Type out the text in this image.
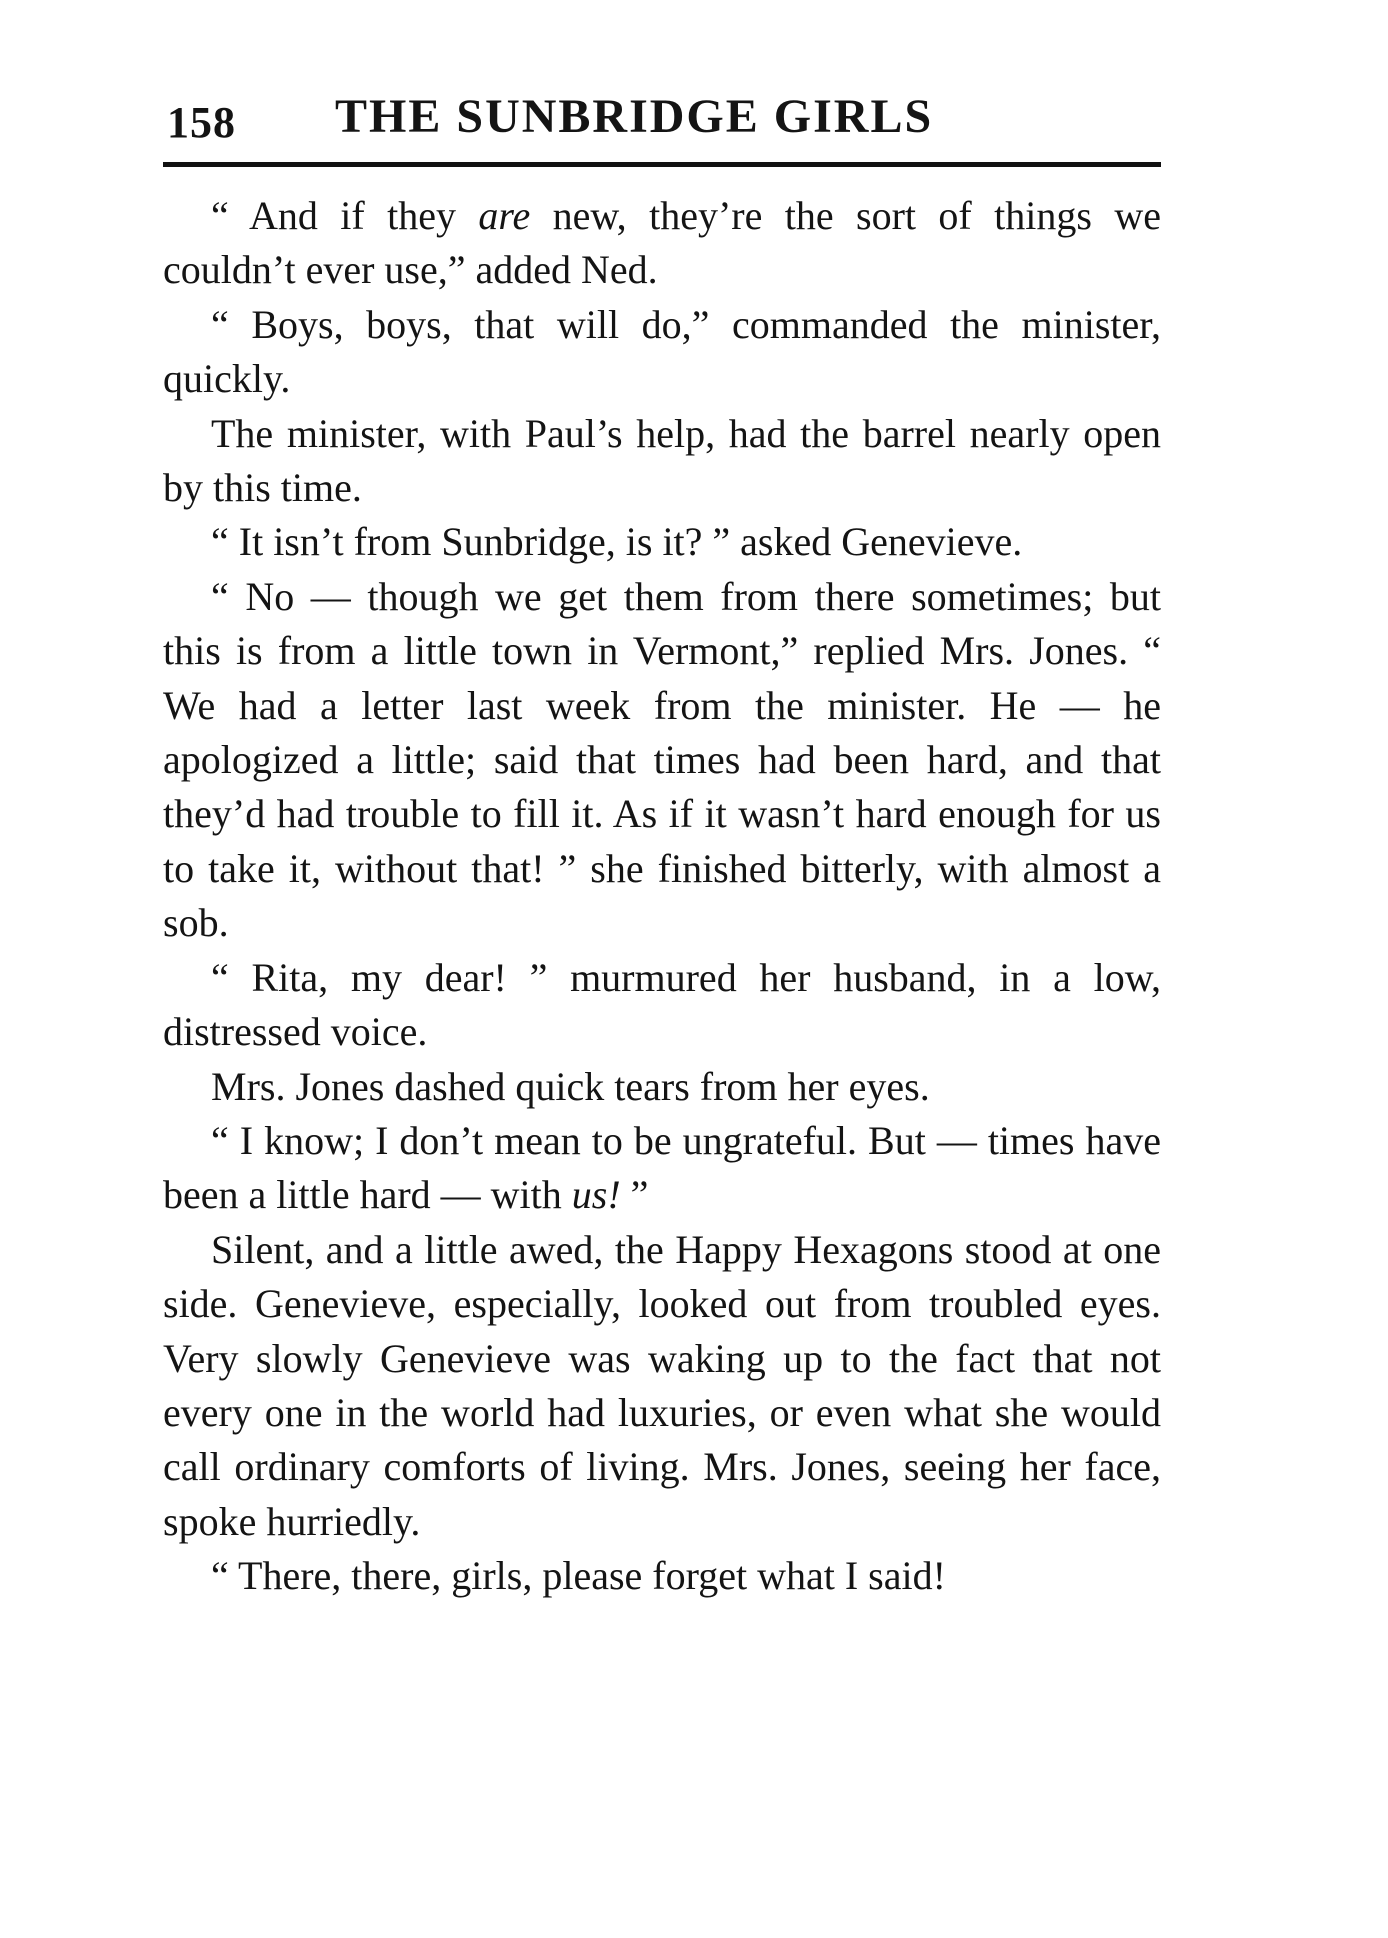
158 THE SUNBRIDGE GIRLS

“ And if they are new, they’re the sort of things we couldn’t ever use,” added Ned.

“ Boys, boys, that will do,” commanded the minister, quickly.

The minister, with Paul’s help, had the barrel nearly open by this time.

“ It isn’t from Sunbridge, is it? ” asked Genevieve.

“ No — though we get them from there sometimes; but this is from a little town in Vermont,” replied Mrs. Jones. “ We had a letter last week from the minister. He — he apologized a little; said that times had been hard, and that they’d had trouble to fill it. As if it wasn’t hard enough for us to take it, without that! ” she finished bitterly, with almost a sob.

“ Rita, my dear! ” murmured her husband, in a low, distressed voice.

Mrs. Jones dashed quick tears from her eyes.

“ I know; I don’t mean to be ungrateful. But — times have been a little hard — with us! ”

Silent, and a little awed, the Happy Hexagons stood at one side. Genevieve, especially, looked out from troubled eyes. Very slowly Genevieve was waking up to the fact that not every one in the world had luxuries, or even what she would call ordinary comforts of living. Mrs. Jones, seeing her face, spoke hurriedly.

“ There, there, girls, please forget what I said!
